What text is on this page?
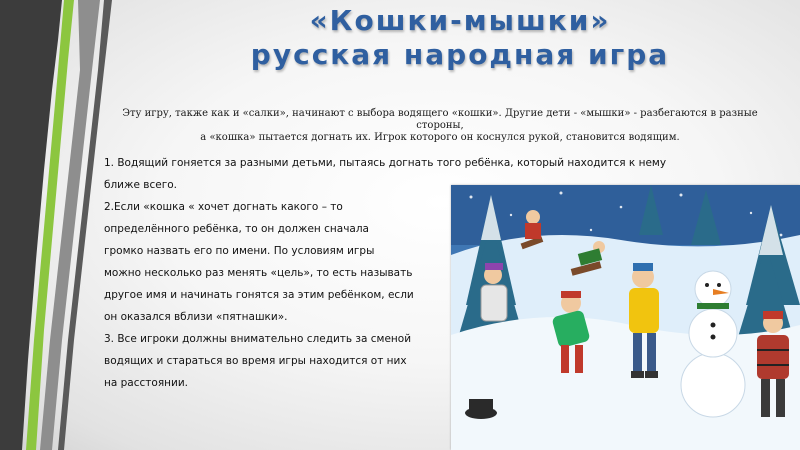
«Кошки-мышки»
русская народная игра
Эту игру, также как и «салки», начинают с выбора водящего «кошки». Другие дети - «мышки» - разбегаются в разные стороны,
а «кошка» пытается догнать их. Игрок которого он коснулся рукой, становится водящим.
1. Водящий гоняется за разными детьми, пытаясь догнать того ребёнка, который находится к нему
ближе всего.
2.Если «кошка « хочет догнать какого – то
определённого ребёнка, то он должен сначала
громко назвать его по имени. По условиям игры
можно несколько раз менять «цель», то есть называть
другое имя и начинать гонятся за этим ребёнком, если
он оказался вблизи «пятнашки».
3. Все игроки должны внимательно следить за сменой
водящих и стараться во время игры находится от них
на расстоянии.
